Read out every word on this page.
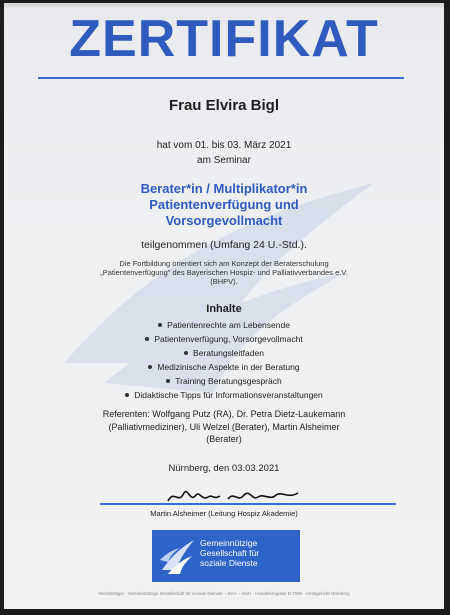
ZERTIFIKAT
Frau Elvira Bigl
hat vom 01. bis 03. März 2021
am Seminar
Berater*in / Multiplikator*in
Patientenverfügung und
Vorsorgevollmacht
teilgenommen (Umfang 24 U.-Std.).
Die Fortbildung orientiert sich am Konzept der Beraterschulung
„Patientenverfügung" des Bayerischen Hospiz- und Palliativverbandes e.V.
(BHPV).
Inhalte
Patientenrechte am Lebensende
Patientenverfügung, Vorsorgevollmacht
Beratungsleitfaden
Medizinische Aspekte in der Beratung
Training Beratungsgespräch
Didaktische Tipps für Informationsveranstaltungen
Referenten: Wolfgang Putz (RA), Dr. Petra Dietz-Laukemann
(Palliativmediziner), Uli Welzel (Berater), Martin Alsheimer
(Berater)
Nürnberg, den 03.03.2021
Martin Alsheimer (Leitung Hospiz Akademie)
Gemeinnützige
Gesellschaft für
soziale Dienste
Rechtsträger · Gemeinnützige Gesellschaft für soziale Dienste – DAA – mbH · Handelsregister B 7096 · Amtsgericht Nürnberg
